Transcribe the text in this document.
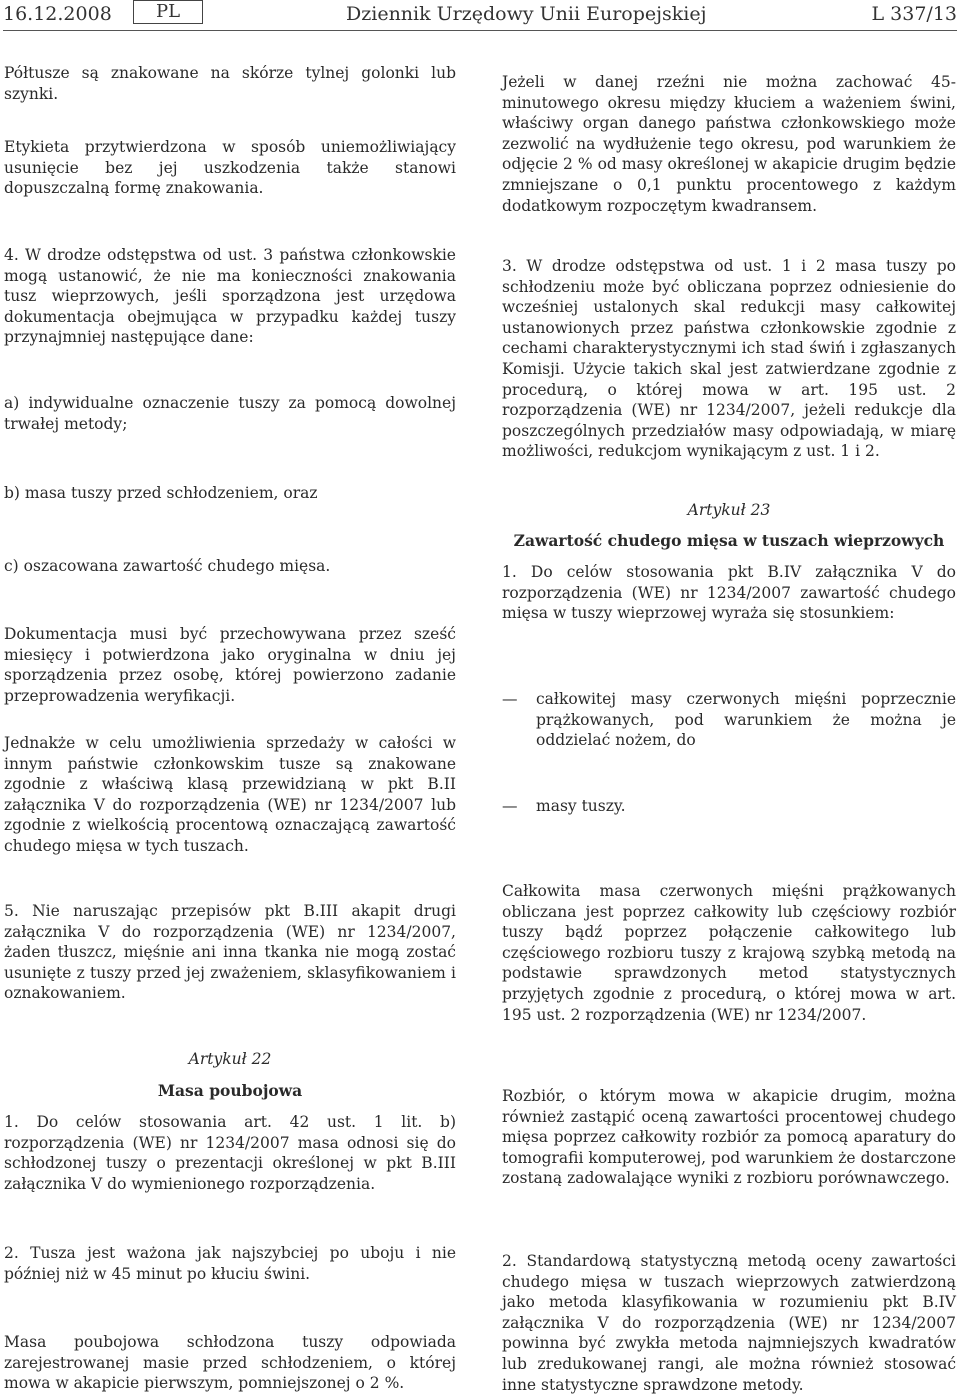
16.12.2008	PL	Dziennik Urzędowy Unii Europejskiej	L 337/13

Półtusze są znakowane na skórze tylnej golonki lub szynki.

Etykieta przytwierdzona w sposób uniemożliwiający usunięcie bez jej uszkodzenia także stanowi dopuszczalną formę znakowania.

4. W drodze odstępstwa od ust. 3 państwa członkowskie mogą ustanowić, że nie ma konieczności znakowania tusz wieprzowych, jeśli sporządzona jest urzędowa dokumentacja obejmująca w przypadku każdej tuszy przynajmniej następujące dane:

a) indywidualne oznaczenie tuszy za pomocą dowolnej trwałej metody;

b) masa tuszy przed schłodzeniem, oraz

c) oszacowana zawartość chudego mięsa.

Dokumentacja musi być przechowywana przez sześć miesięcy i potwierdzona jako oryginalna w dniu jej sporządzenia przez osobę, której powierzono zadanie przeprowadzenia weryfikacji.

Jednakże w celu umożliwienia sprzedaży w całości w innym państwie członkowskim tusze są znakowane zgodnie z właściwą klasą przewidzianą w pkt B.II załącznika V do rozporządzenia (WE) nr 1234/2007 lub zgodnie z wielkością procentową oznaczającą zawartość chudego mięsa w tych tuszach.

5. Nie naruszając przepisów pkt B.III akapit drugi załącznika V do rozporządzenia (WE) nr 1234/2007, żaden tłuszcz, mięśnie ani inna tkanka nie mogą zostać usunięte z tuszy przed jej zważeniem, sklasyfikowaniem i oznakowaniem.

Artykuł 22
Masa poubojowa

1. Do celów stosowania art. 42 ust. 1 lit. b) rozporządzenia (WE) nr 1234/2007 masa odnosi się do schłodzonej tuszy o prezentacji określonej w pkt B.III załącznika V do wymienionego rozporządzenia.

2. Tusza jest ważona jak najszybciej po uboju i nie później niż w 45 minut po kłuciu świni.

Masa poubojowa schłodzona tuszy odpowiada zarejestrowanej masie przed schłodzeniem, o której mowa w akapicie pierwszym, pomniejszonej o 2 %.

Jeżeli w danej rzeźni nie można zachować 45-minutowego okresu między kłuciem a ważeniem świni, właściwy organ danego państwa członkowskiego może zezwolić na wydłużenie tego okresu, pod warunkiem że odjęcie 2 % od masy określonej w akapicie drugim będzie zmniejszane o 0,1 punktu procentowego z każdym dodatkowym rozpoczętym kwadransem.

3. W drodze odstępstwa od ust. 1 i 2 masa tuszy po schłodzeniu może być obliczana poprzez odniesienie do wcześniej ustalonych skal redukcji masy całkowitej ustanowionych przez państwa członkowskie zgodnie z cechami charakterystycznymi ich stad świń i zgłaszanych Komisji. Użycie takich skal jest zatwierdzane zgodnie z procedurą, o której mowa w art. 195 ust. 2 rozporządzenia (WE) nr 1234/2007, jeżeli redukcje dla poszczególnych przedziałów masy odpowiadają, w miarę możliwości, redukcjom wynikającym z ust. 1 i 2.

Artykuł 23
Zawartość chudego mięsa w tuszach wieprzowych

1. Do celów stosowania pkt B.IV załącznika V do rozporządzenia (WE) nr 1234/2007 zawartość chudego mięsa w tuszy wieprzowej wyraża się stosunkiem:

—	całkowitej masy czerwonych mięśni poprzecznie prążkowanych, pod warunkiem że można je oddzielać nożem, do

—	masy tuszy.

Całkowita masa czerwonych mięśni prążkowanych obliczana jest poprzez całkowity lub częściowy rozbiór tuszy bądź poprzez połączenie całkowitego lub częściowego rozbioru tuszy z krajową szybką metodą na podstawie sprawdzonych metod statystycznych przyjętych zgodnie z procedurą, o której mowa w art. 195 ust. 2 rozporządzenia (WE) nr 1234/2007.

Rozbiór, o którym mowa w akapicie drugim, można również zastąpić oceną zawartości procentowej chudego mięsa poprzez całkowity rozbiór za pomocą aparatury do tomografii komputerowej, pod warunkiem że dostarczone zostaną zadowalające wyniki z rozbioru porównawczego.

2. Standardową statystyczną metodą oceny zawartości chudego mięsa w tuszach wieprzowych zatwierdzoną jako metoda klasyfikowania w rozumieniu pkt B.IV załącznika V do rozporządzenia (WE) nr 1234/2007 powinna być zwykła metoda najmniejszych kwadratów lub zredukowanej rangi, ale można również stosować inne statystyczne sprawdzone metody.
